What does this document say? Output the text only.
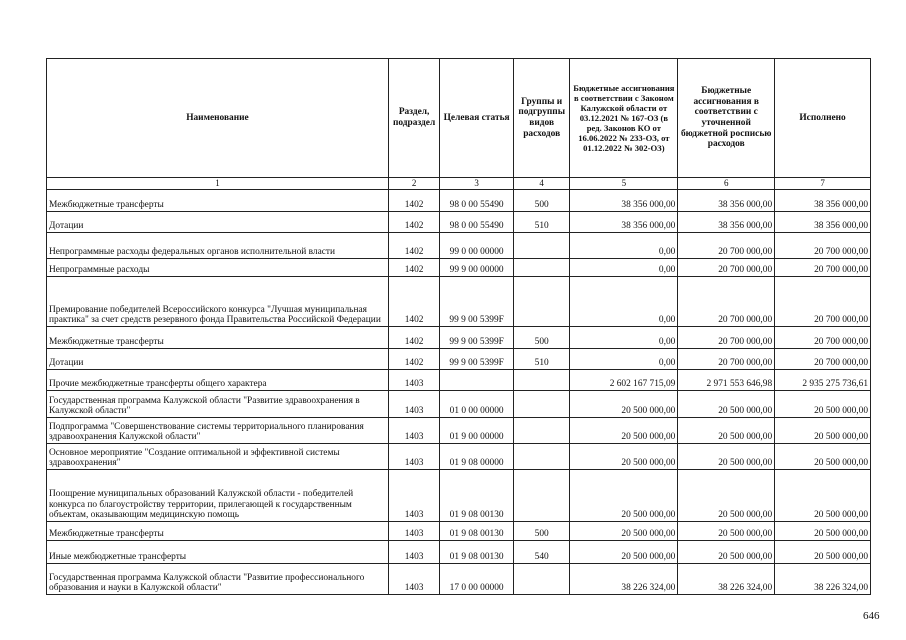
Наименование	Раздел, подраздел	Целевая статья	Группы и подгруппы видов расходов	Бюджетные ассигнования в соответствии с Законом Калужской области от 03.12.2021 № 167-ОЗ (в ред. Законов КО от 16.06.2022 № 233-ОЗ, от 01.12.2022 № 302-ОЗ)	Бюджетные ассигнования в соответствии с уточненной бюджетной росписью расходов	Исполнено
1	2	3	4	5	6	7
Межбюджетные трансферты	1402	98 0 00 55490	500	38 356 000,00	38 356 000,00	38 356 000,00
Дотации	1402	98 0 00 55490	510	38 356 000,00	38 356 000,00	38 356 000,00
Непрограммные расходы федеральных органов исполнительной власти	1402	99 0 00 00000		0,00	20 700 000,00	20 700 000,00
Непрограммные расходы	1402	99 9 00 00000		0,00	20 700 000,00	20 700 000,00
Премирование победителей Всероссийского конкурса "Лучшая муниципальная практика" за счет средств резервного фонда Правительства Российской Федерации	1402	99 9 00 5399F		0,00	20 700 000,00	20 700 000,00
Межбюджетные трансферты	1402	99 9 00 5399F	500	0,00	20 700 000,00	20 700 000,00
Дотации	1402	99 9 00 5399F	510	0,00	20 700 000,00	20 700 000,00
Прочие межбюджетные трансферты общего характера	1403			2 602 167 715,09	2 971 553 646,98	2 935 275 736,61
Государственная программа Калужской области "Развитие здравоохранения в Калужской области"	1403	01 0 00 00000		20 500 000,00	20 500 000,00	20 500 000,00
Подпрограмма "Совершенствование системы территориального планирования здравоохранения Калужской области"	1403	01 9 00 00000		20 500 000,00	20 500 000,00	20 500 000,00
Основное мероприятие "Создание оптимальной и эффективной системы здравоохранения"	1403	01 9 08 00000		20 500 000,00	20 500 000,00	20 500 000,00
Поощрение муниципальных образований Калужской области - победителей конкурса по благоустройству территории, прилегающей к государственным объектам, оказывающим медицинскую помощь	1403	01 9 08 00130		20 500 000,00	20 500 000,00	20 500 000,00
Межбюджетные трансферты	1403	01 9 08 00130	500	20 500 000,00	20 500 000,00	20 500 000,00
Иные межбюджетные трансферты	1403	01 9 08 00130	540	20 500 000,00	20 500 000,00	20 500 000,00
Государственная программа Калужской области "Развитие профессионального образования и науки в Калужской области"	1403	17 0 00 00000		38 226 324,00	38 226 324,00	38 226 324,00
646
